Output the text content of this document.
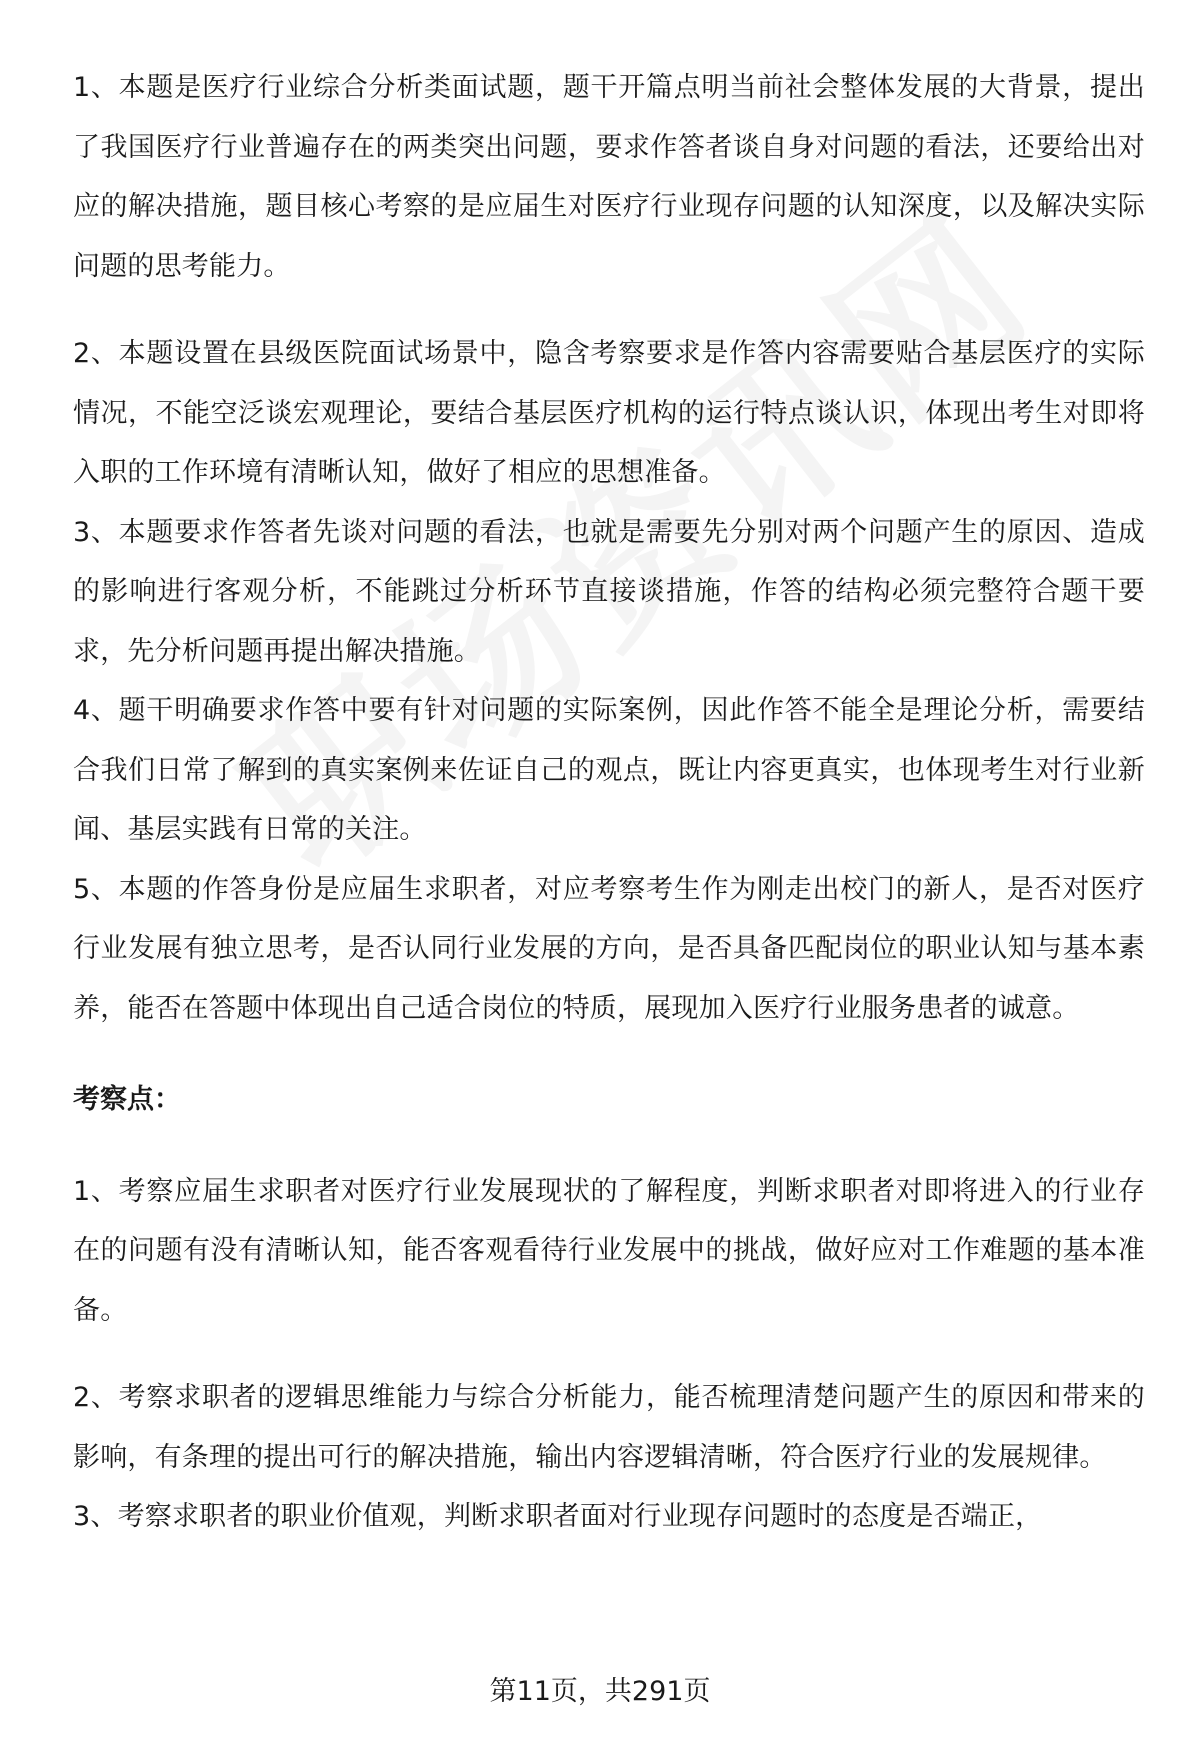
1、本题是医疗行业综合分析类面试题，题干开篇点明当前社会整体发展的大背景，提出了我国医疗行业普遍存在的两类突出问题，要求作答者谈自身对问题的看法，还要给出对应的解决措施，题目核心考察的是应届生对医疗行业现存问题的认知深度，以及解决实际问题的思考能力。

2、本题设置在县级医院面试场景中，隐含考察要求是作答内容需要贴合基层医疗的实际情况，不能空泛谈宏观理论，要结合基层医疗机构的运行特点谈认识，体现出考生对即将入职的工作环境有清晰认知，做好了相应的思想准备。

3、本题要求作答者先谈对问题的看法，也就是需要先分别对两个问题产生的原因、造成的影响进行客观分析，不能跳过分析环节直接谈措施，作答的结构必须完整符合题干要求，先分析问题再提出解决措施。

4、题干明确要求作答中要有针对问题的实际案例，因此作答不能全是理论分析，需要结合我们日常了解到的真实案例来佐证自己的观点，既让内容更真实，也体现考生对行业新闻、基层实践有日常的关注。

5、本题的作答身份是应届生求职者，对应考察考生作为刚走出校门的新人，是否对医疗行业发展有独立思考，是否认同行业发展的方向，是否具备匹配岗位的职业认知与基本素养，能否在答题中体现出自己适合岗位的特质，展现加入医疗行业服务患者的诚意。

考察点：

1、考察应届生求职者对医疗行业发展现状的了解程度，判断求职者对即将进入的行业存在的问题有没有清晰认知，能否客观看待行业发展中的挑战，做好应对工作难题的基本准备。

2、考察求职者的逻辑思维能力与综合分析能力，能否梳理清楚问题产生的原因和带来的影响，有条理的提出可行的解决措施，输出内容逻辑清晰，符合医疗行业的发展规律。

3、考察求职者的职业价值观，判断求职者面对行业现存问题时的态度是否端正，

第11页，共291页
